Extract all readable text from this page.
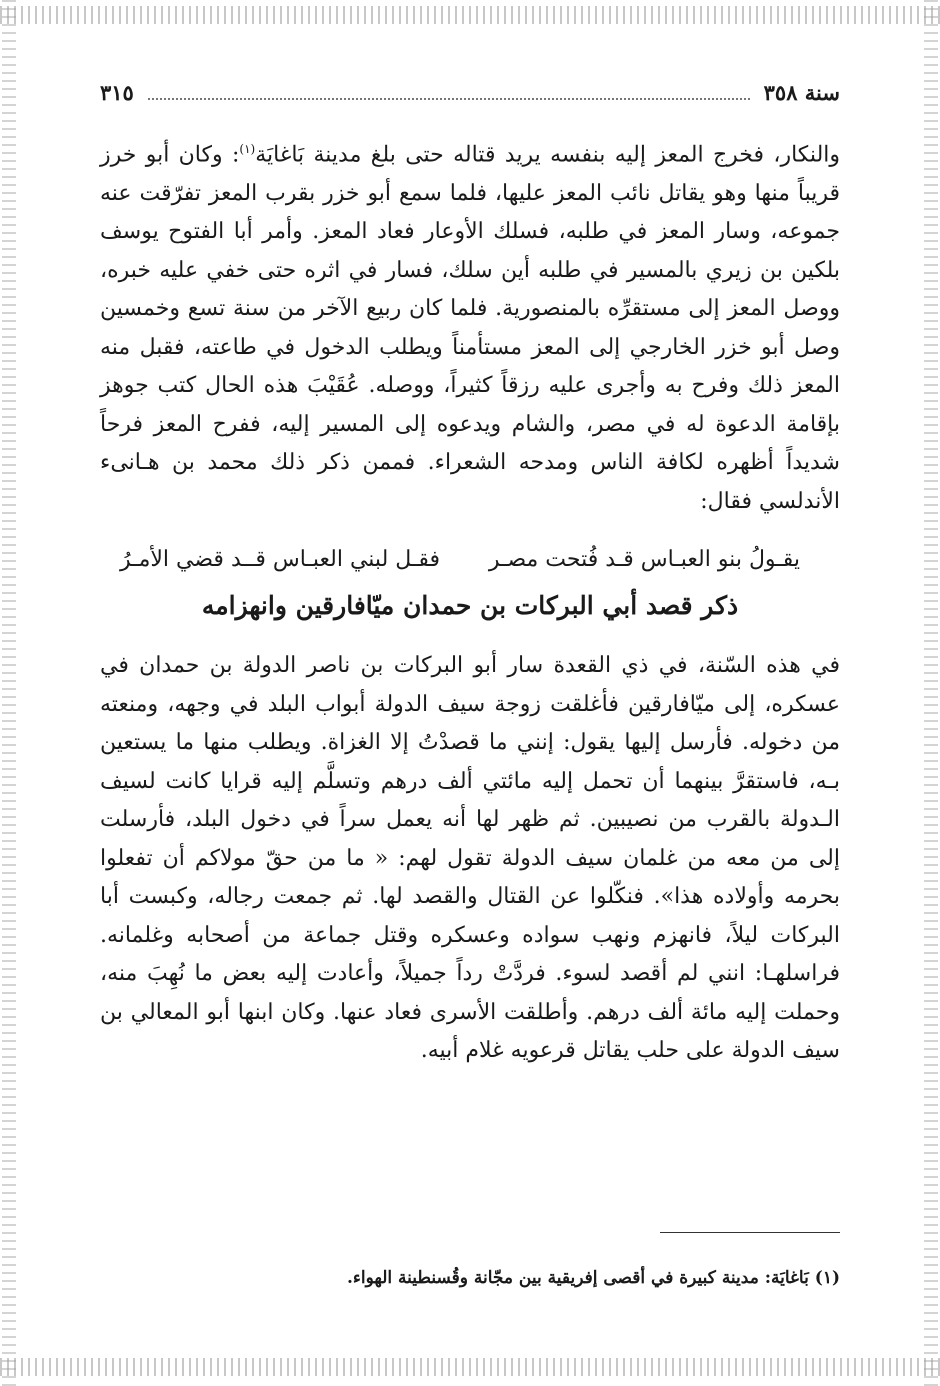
سنة ٣٥٨
٣١٥

والنكار، فخرج المعز إليه بنفسه يريد قتاله حتى بلغ مدينة بَاغايَة$^{(١)}$: وكان أبو خرز قريباً منها وهو يقاتل نائب المعز عليها، فلما سمع أبو خزر بقرب المعز تفرّقت عنه جموعه، وسار المعز في طلبه، فسلك الأوعار فعاد المعز. وأمر أبا الفتوح يوسف بلكين بن زيري بالمسير في طلبه أين سلك، فسار في اثره حتى خفي عليه خبره، ووصل المعز إلى مستقرِّه بالمنصورية. فلما كان ربيع الآخر من سنة تسع وخمسين وصل أبو خزر الخارجي إلى المعز مستأمناً ويطلب الدخول في طاعته، فقبل منه المعز ذلك وفرح به وأجرى عليه رزقاً كثيراً، ووصله. عُقَيْبَ هذه الحال كتب جوهز بإقامة الدعوة له في مصر، والشام ويدعوه إلى المسير إليه، ففرح المعز فرحاً شديداً أظهره لكافة الناس ومدحه الشعراء. فممن ذكر ذلك محمد بن هـانىء الأندلسي فقال:

يقـولُ بنو العبـاس قـد فُتحت مصـر
فقـل لبني العبـاس قــد قضي الأمـرُ
ذكر قصد أبي البركات بن حمدان ميّافارقين وانهزامه

في هذه السّنة، في ذي القعدة سار أبو البركات بن ناصر الدولة بن حمدان في عسكره، إلى ميّافارقين فأغلقت زوجة سيف الدولة أبواب البلد في وجهه، ومنعته من دخوله. فأرسل إليها يقول: إنني ما قصدْتُ إلا الغزاة. ويطلب منها ما يستعين بـه، فاستقرَّ بينهما أن تحمل إليه مائتي ألف درهم وتسلَّم إليه قرايا كانت لسيف الـدولة بالقرب من نصيبين. ثم ظهر لها أنه يعمل سراً في دخول البلد، فأرسلت إلى من معه من غلمان سيف الدولة تقول لهم: « ما من حقّ مولاكم أن تفعلوا بحرمه وأولاده هذا». فنكّلوا عن القتال والقصد لها. ثم جمعت رجاله، وكبست أبا البركات ليلاً، فانهزم ونهب سواده وعسكره وقتل جماعة من أصحابه وغلمانه. فراسلهـا: انني لم أقصد لسوء. فردَّتْ رداً جميلاً، وأعادت إليه بعض ما نُهِبَ منه، وحملت إليه مائة ألف درهم. وأطلقت الأسرى فعاد عنها. وكان ابنها أبو المعالي بن سيف الدولة على حلب يقاتل قرعويه غلام أبيه.

(١) بَاغايَة: مدينة كبيرة في أقصى إفريقية بين مجّانة وقُسنطينة الهواء.
